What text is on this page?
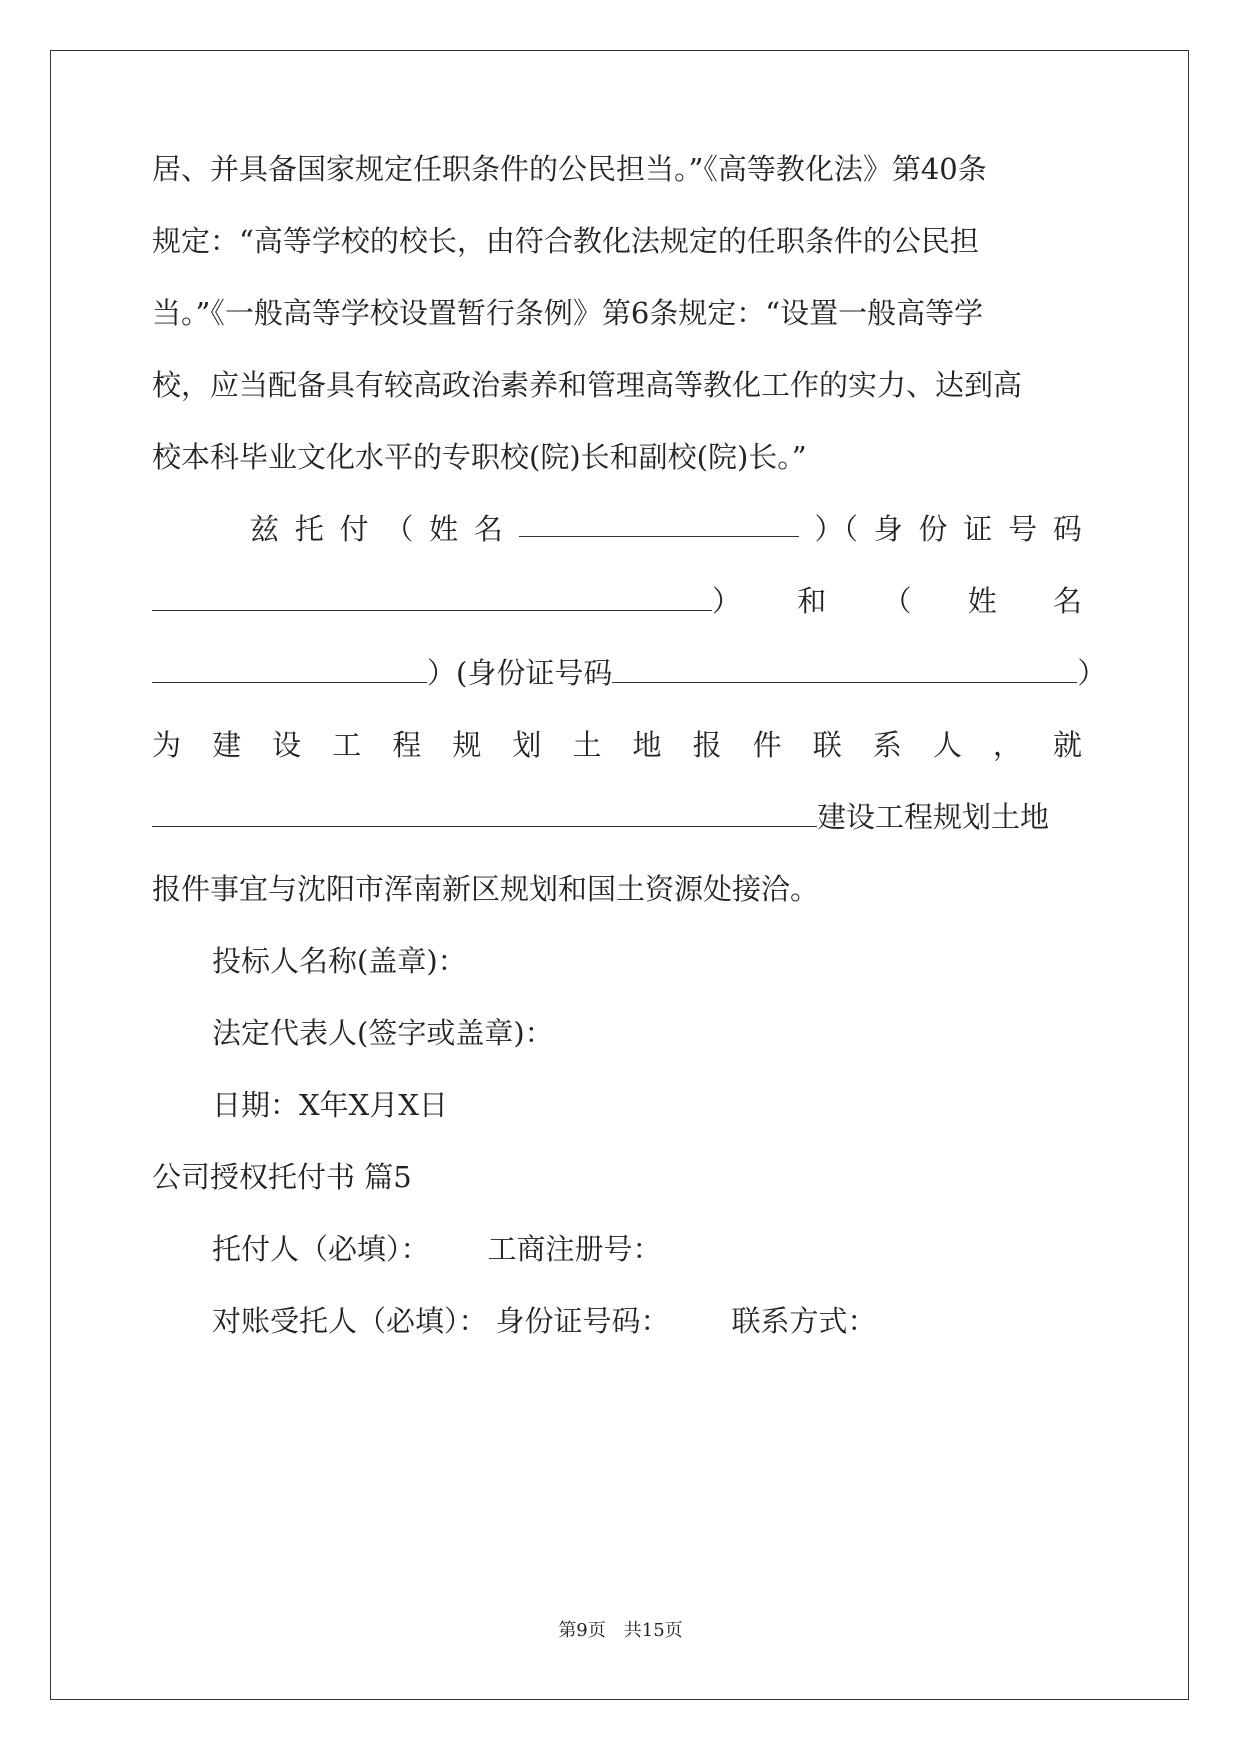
居、并具备国家规定任职条件的公民担当。”《高等教化法》第40条
规定：“高等学校的校长，由符合教化法规定的任职条件的公民担
当。”《一般高等学校设置暂行条例》第6条规定：“设置一般高等学
校，应当配备具有较高政治素养和管理高等教化工作的实力、达到高
校本科毕业文化水平的专职校(院)长和副校(院)长。”
兹 托 付 （ 姓 名	）（ 身 份 证 号 码
） 和 （ 姓 名
）(身份证号码	）
为 建 设 工 程 规 划 土 地 报 件 联 系 人 ， 就
建设工程规划土地
报件事宜与沈阳市浑南新区规划和国土资源处接洽。
投标人名称(盖章)：
法定代表人(签字或盖章)：
日期：X年X月X日
公司授权托付书 篇5
托付人（必填）： 工商注册号：
对账受托人（必填）： 身份证号码： 联系方式：
第9页　共15页
